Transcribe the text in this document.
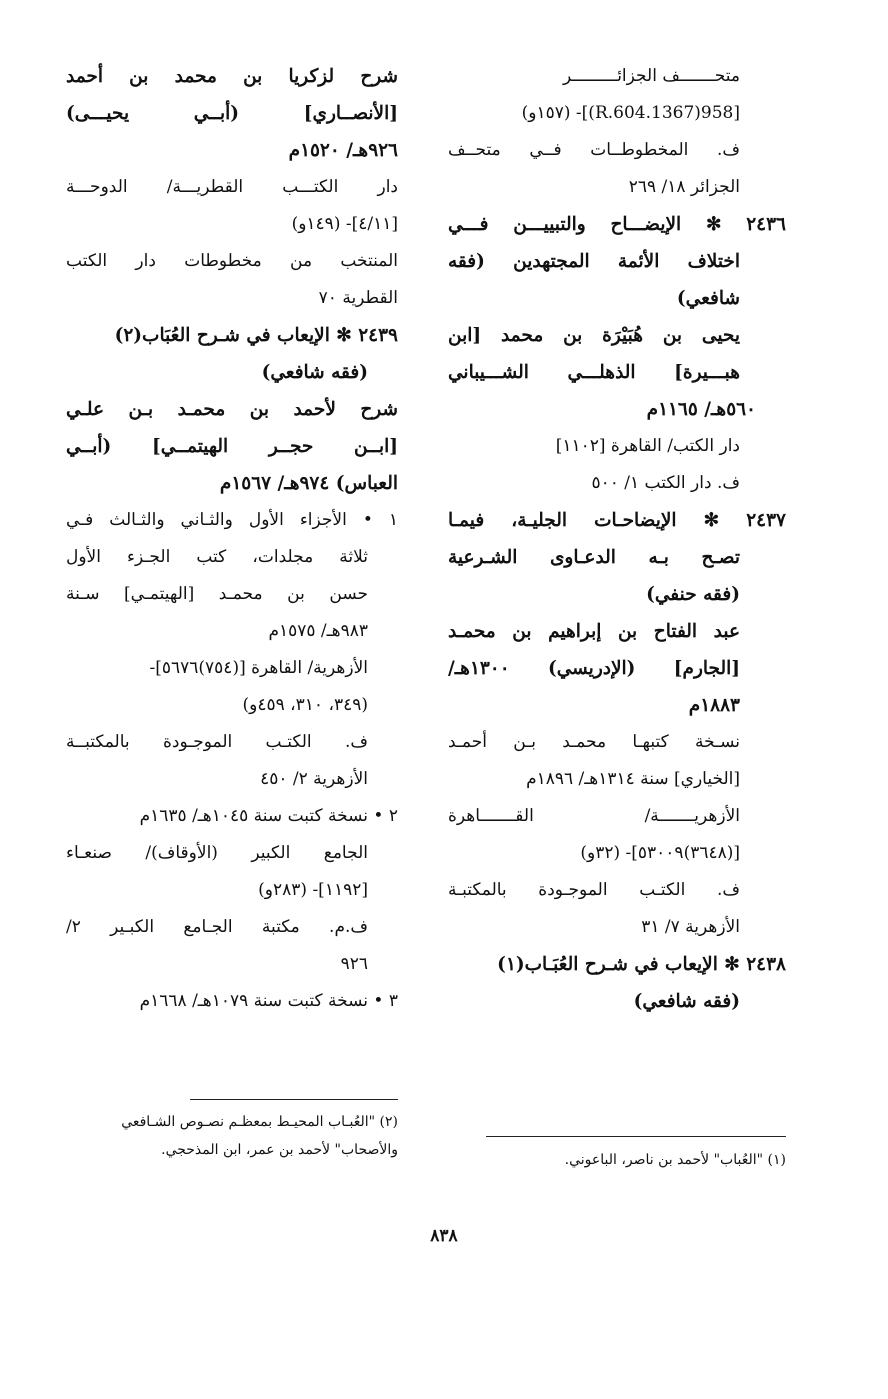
متحـــــــف الجزائـــــــــر
[958(1367.R.604)]- (١٥٧و)
ف. المخطوطــات فــي متحــف
الجزائر ١٨/ ٢٦٩
٢٤٣٦ ✻ الإيضـــاح والتبييـــن فـــي
اختلاف الأئمة المجتهدين (فقه
شافعي)
يحيى بن هُبَيْرَة بن محمد [ابن
هبـــيرة] الذهلـــي الشـــيباني
٥٦٠هـ/ ١١٦٥م
دار الكتب/ القاهرة [١١٠٢]
ف. دار الكتب ١/ ٥٠٠
٢٤٣٧ ✻ الإيضاحـات الجليـة، فيمـا
تصـح بـه الدعـاوى الشـرعية
(فقه حنفي)
عبد الفتاح بن إبراهيم بن محمـد
[الجارم] (الإدريسي) ١٣٠٠هـ/
١٨٨٣م
نسـخة كتبهـا محمـد بـن أحمـد
[الخياري] سنة ١٣١٤هـ/ ١٨٩٦م
الأزهريـــــــة/ القـــــــاهرة
[(٣٦٤٨)٥٣٠٠٩]- (٣٢و)
ف. الكتـب الموجـودة بالمكتبـة
الأزهرية ٧/ ٣١
٢٤٣٨ ✻ الإيعاب في شـرح العُبَـاب(١)
(فقه شافعي)
شرح لزكريا بن محمد بن أحمد
[الأنصــاري] (أبــي يحيـــى)
٩٢٦هـ/ ١٥٢٠م
دار الكتـــب القطريـــة/ الدوحـــة
[٤/١١]- (١٤٩و)
المنتخب من مخطوطات دار الكتب
القطرية ٧٠
٢٤٣٩ ✻ الإيعاب في شـرح العُبَاب(٢)
(فقه شافعي)
شرح لأحمد بن محمـد بـن علـي
[ابــن حجــر الهيتمــي] (أبــي
العباس) ٩٧٤هـ/ ١٥٦٧م
١ • الأجزاء الأول والثـاني والثـالث فـي
ثلاثة مجلدات، كتب الجـزء الأول
حسن بن محمـد [الهيتمـي] سـنة
٩٨٣هـ/ ١٥٧٥م
الأزهرية/ القاهرة [(٧٥٤)٥٦٧٦]-
(٣٤٩، ٣١٠، ٤٥٩و)
ف. الكتـب الموجـودة بالمكتبــة
الأزهرية ٢/ ٤٥٠
٢ • نسخة كتبت سنة ١٠٤٥هـ/ ١٦٣٥م
الجامع الكبير (الأوقاف)/ صنعـاء
[١١٩٢]- (٢٨٣و)
ف.م. مكتبة الجـامع الكبـير ٢/
٩٢٦
٣ • نسخة كتبت سنة ١٠٧٩هـ/ ١٦٦٨م
(٢) "العُبـاب المحيـط بمعظـم نصـوص الشـافعي
والأصحاب" لأحمد بن عمر، ابن المذحجي.
(١) "العُباب" لأحمد بن ناصر، الباعوني.
٨٣٨
